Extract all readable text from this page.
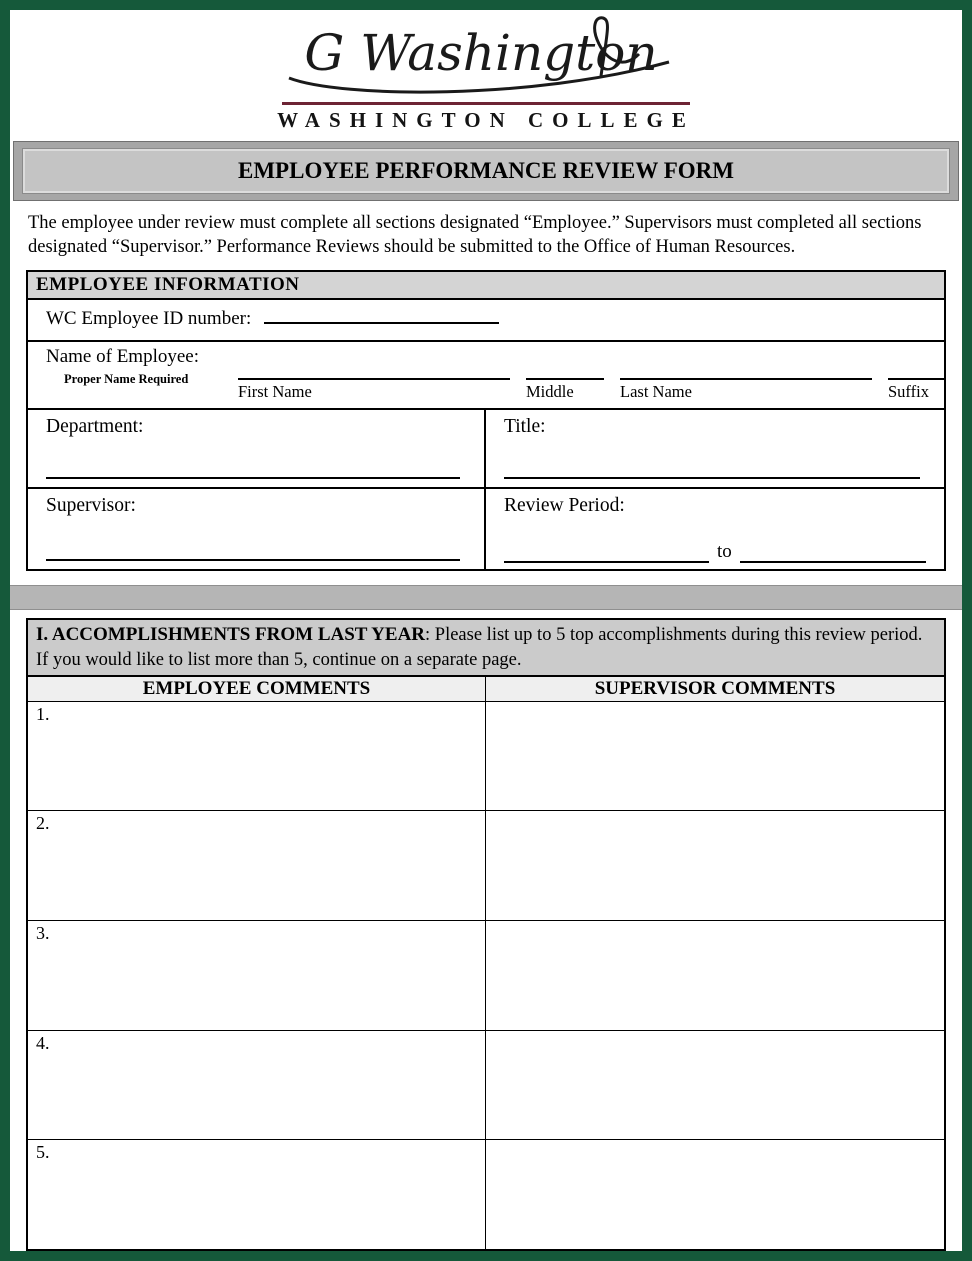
G Washington
WASHINGTON COLLEGE
EMPLOYEE PERFORMANCE REVIEW FORM
The employee under review must complete all sections designated “Employee.” Supervisors must completed all sections designated “Supervisor.” Performance Reviews should be submitted to the Office of Human Resources.
EMPLOYEE INFORMATION
WC Employee ID number:
Name of Employee:
Proper Name Required
First Name	Middle	Last Name	Suffix
Department:	Title:
Supervisor:	Review Period:
to
I. ACCOMPLISHMENTS FROM LAST YEAR: Please list up to 5 top accomplishments during this review period. If you would like to list more than 5, continue on a separate page.
EMPLOYEE COMMENTS	SUPERVISOR COMMENTS
1.
2.
3.
4.
5.
